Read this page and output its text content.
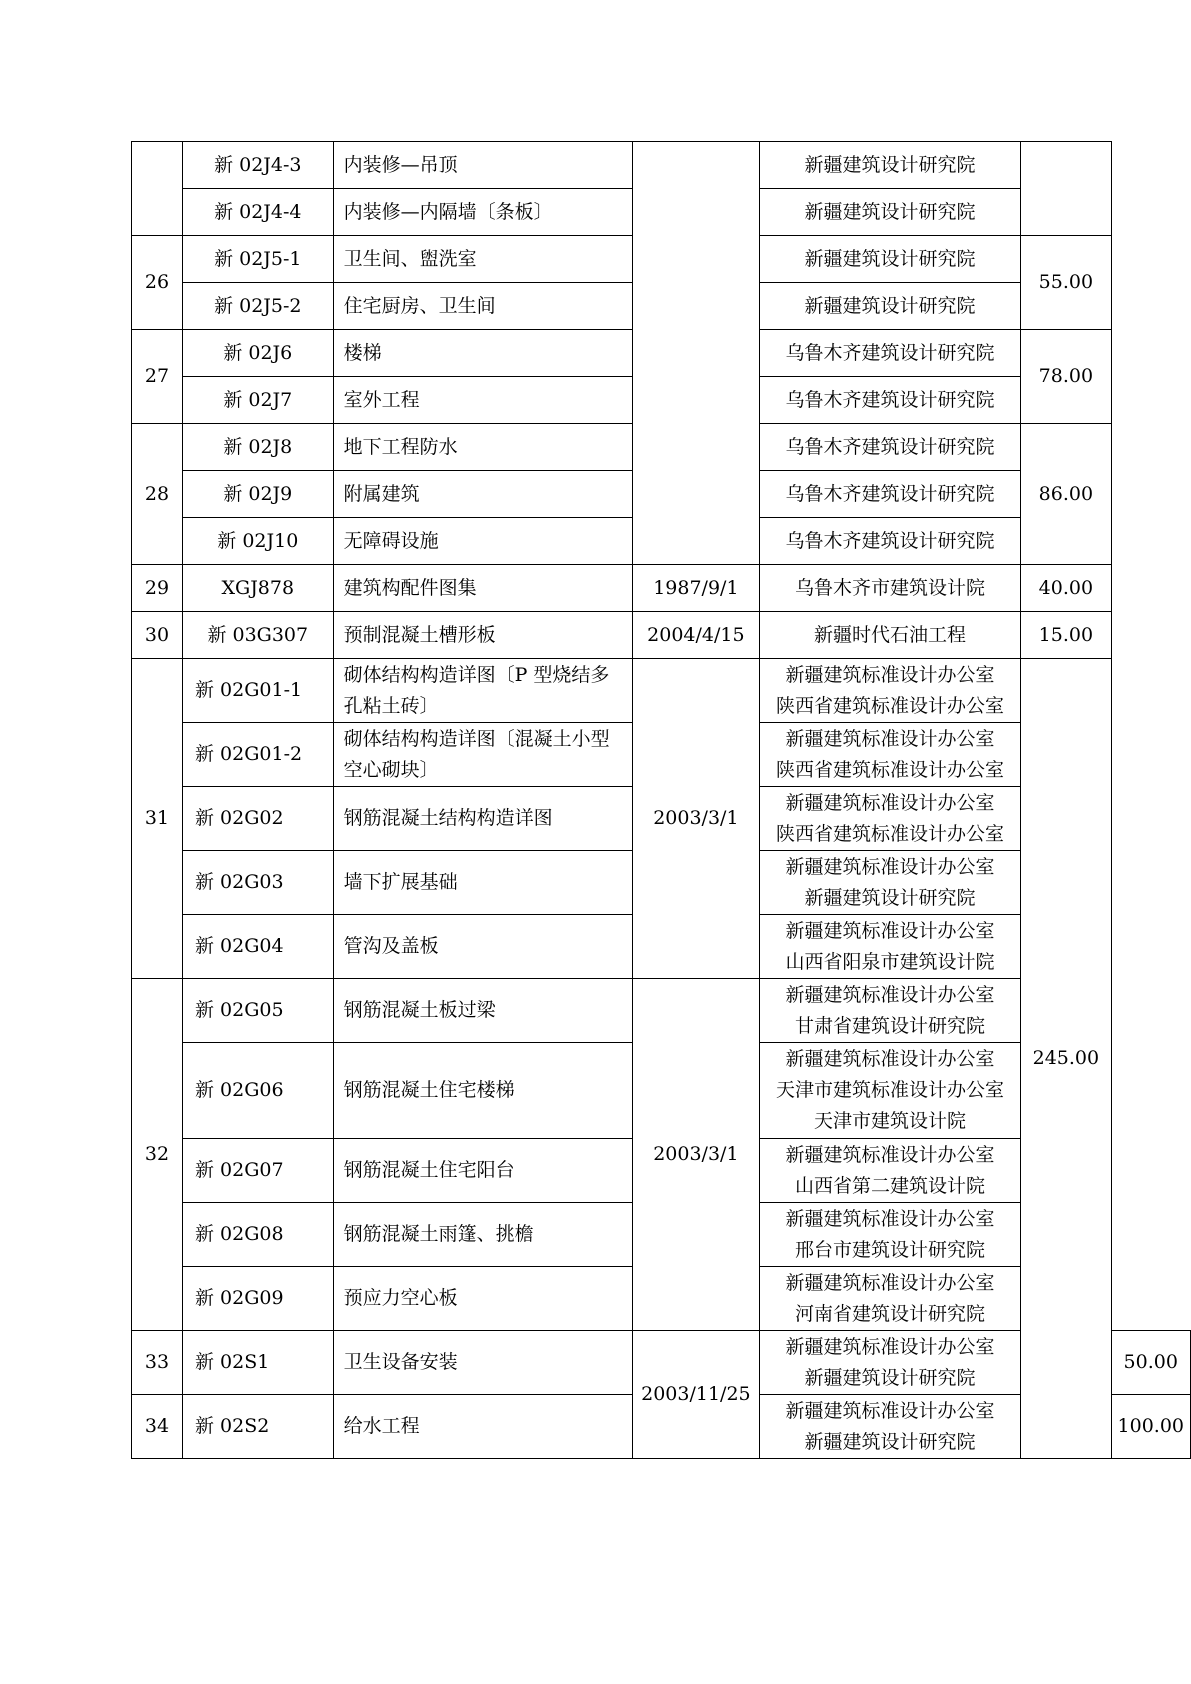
	新 02J4-3	内装修—吊顶		新疆建筑设计研究院		

	新 02J4-4	内装修—内隔墙〔条板〕		新疆建筑设计研究院		

26	新 02J5-1	卫生间、盥洗室		新疆建筑设计研究院	55.00	
	新 02J5-2	住宅厨房、卫生间		新疆建筑设计研究院		

27	新 02J6	楼梯		乌鲁木齐建筑设计研究院	78.00	
	新 02J7	室外工程		乌鲁木齐建筑设计研究院		

28	新 02J8	地下工程防水		乌鲁木齐建筑设计研究院	86.00	
	新 02J9	附属建筑		乌鲁木齐建筑设计研究院		

	新 02J10	无障碍设施		乌鲁木齐建筑设计研究院		

29	XGJ878	建筑构配件图集	1987/9/1	乌鲁木齐市建筑设计院	40.00	
30	新 03G307	预制混凝土槽形板	2004/4/15	新疆时代石油工程	15.00	
31	新 02G01-1	砌体结构构造详图〔P 型烧结多孔粘土砖〕	2003/3/1	新疆建筑标准设计办公室
陕西省建筑标准设计办公室	245.00	
	新 02G01-2	砌体结构构造详图〔混凝土小型空心砌块〕		新疆建筑标准设计办公室
陕西省建筑标准设计办公室		

	新 02G02	钢筋混凝土结构构造详图		新疆建筑标准设计办公室
陕西省建筑标准设计办公室		

	新 02G03	墙下扩展基础		新疆建筑标准设计办公室
新疆建筑设计研究院		

	新 02G04	管沟及盖板		新疆建筑标准设计办公室
山西省阳泉市建筑设计院		

32	新 02G05	钢筋混凝土板过梁	2003/3/1	新疆建筑标准设计办公室
甘肃省建筑设计研究院		

	新 02G06	钢筋混凝土住宅楼梯		新疆建筑标准设计办公室
天津市建筑标准设计办公室
天津市建筑设计院		

	新 02G07	钢筋混凝土住宅阳台		新疆建筑标准设计办公室
山西省第二建筑设计院		

	新 02G08	钢筋混凝土雨篷、挑檐		新疆建筑标准设计办公室
邢台市建筑设计研究院		

	新 02G09	预应力空心板		新疆建筑标准设计办公室
河南省建筑设计研究院		

33	新 02S1	卫生设备安装	2003/11/25	新疆建筑标准设计办公室
新疆建筑设计研究院		50.00
34	新 02S2	给水工程		新疆建筑标准设计办公室
新疆建筑设计研究院		100.00
